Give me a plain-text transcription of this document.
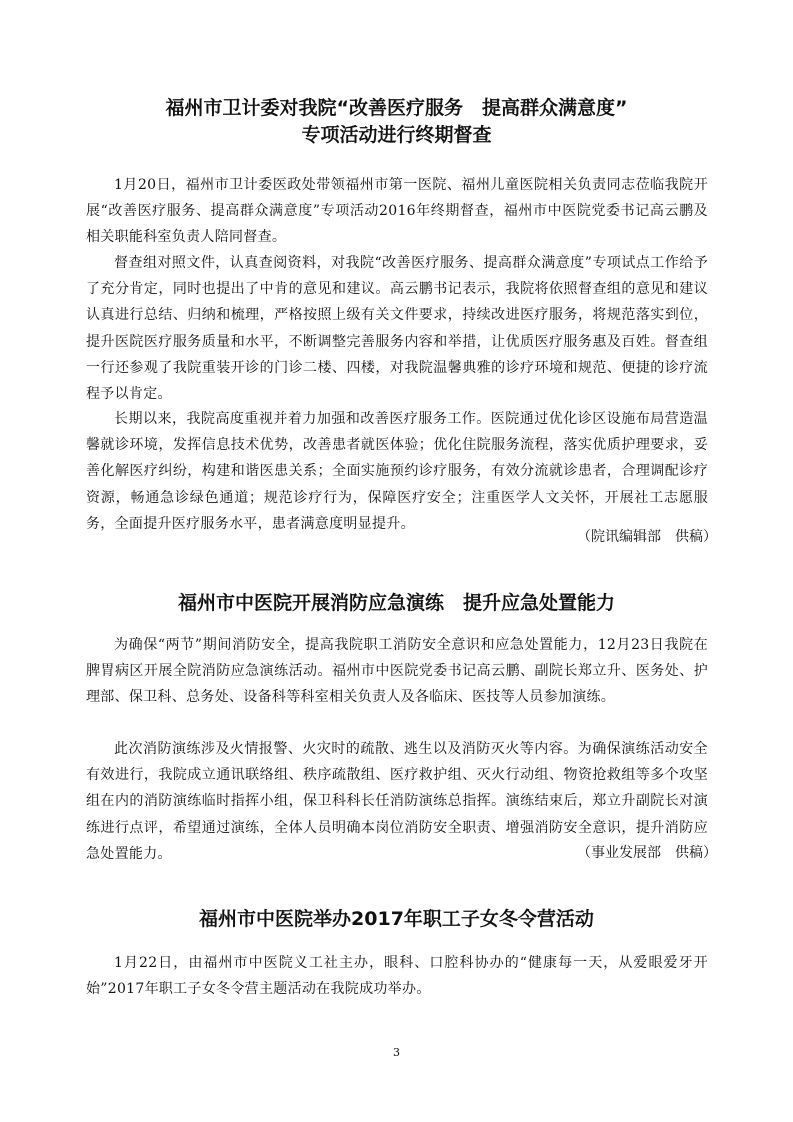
福州市卫计委对我院“改善医疗服务　提高群众满意度”
专项活动进行终期督查

1月20日，福州市卫计委医政处带领福州市第一医院、福州儿童医院相关负责同志莅临我院开展“改善医疗服务、提高群众满意度”专项活动2016年终期督查，福州市中医院党委书记高云鹏及相关职能科室负责人陪同督查。

督查组对照文件，认真查阅资料，对我院“改善医疗服务、提高群众满意度”专项试点工作给予了充分肯定，同时也提出了中肯的意见和建议。高云鹏书记表示，我院将依照督查组的意见和建议认真进行总结、归纳和梳理，严格按照上级有关文件要求，持续改进医疗服务，将规范落实到位，提升医院医疗服务质量和水平，不断调整完善服务内容和举措，让优质医疗服务惠及百姓。督查组一行还参观了我院重装开诊的门诊二楼、四楼，对我院温馨典雅的诊疗环境和规范、便捷的诊疗流程予以肯定。

长期以来，我院高度重视并着力加强和改善医疗服务工作。医院通过优化诊区设施布局营造温馨就诊环境，发挥信息技术优势，改善患者就医体验；优化住院服务流程，落实优质护理要求，妥善化解医疗纠纷，构建和谐医患关系；全面实施预约诊疗服务，有效分流就诊患者，合理调配诊疗资源，畅通急诊绿色通道；规范诊疗行为，保障医疗安全；注重医学人文关怀，开展社工志愿服务，全面提升医疗服务水平，患者满意度明显提升。

（院讯编辑部　供稿）
福州市中医院开展消防应急演练　提升应急处置能力

为确保“两节”期间消防安全，提高我院职工消防安全意识和应急处置能力，12月23日我院在脾胃病区开展全院消防应急演练活动。福州市中医院党委书记高云鹏、副院长郑立升、医务处、护理部、保卫科、总务处、设备科等科室相关负责人及各临床、医技等人员参加演练。

此次消防演练涉及火情报警、火灾时的疏散、逃生以及消防灭火等内容。为确保演练活动安全有效进行，我院成立通讯联络组、秩序疏散组、医疗救护组、灭火行动组、物资抢救组等多个攻坚组在内的消防演练临时指挥小组，保卫科科长任消防演练总指挥。演练结束后，郑立升副院长对演练进行点评，希望通过演练，全体人员明确本岗位消防安全职责、增强消防安全意识，提升消防应急处置能力。	（事业发展部　供稿）
福州市中医院举办2017年职工子女冬令营活动

1月22日，由福州市中医院义工社主办，眼科、口腔科协办的“健康每一天，从爱眼爱牙开始”2017年职工子女冬令营主题活动在我院成功举办。

3
